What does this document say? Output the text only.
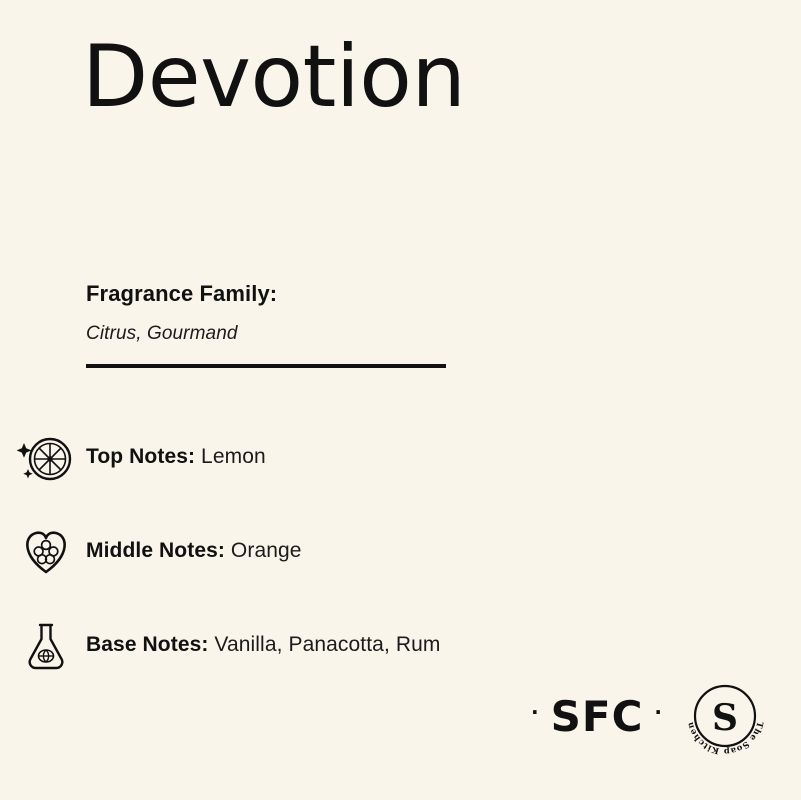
Devotion
Fragrance Family:
Citrus, Gourmand
Top Notes: Lemon
Middle Notes: Orange
Base Notes: Vanilla, Panacotta, Rum
· SFC ·
The Soap Kitchen S
